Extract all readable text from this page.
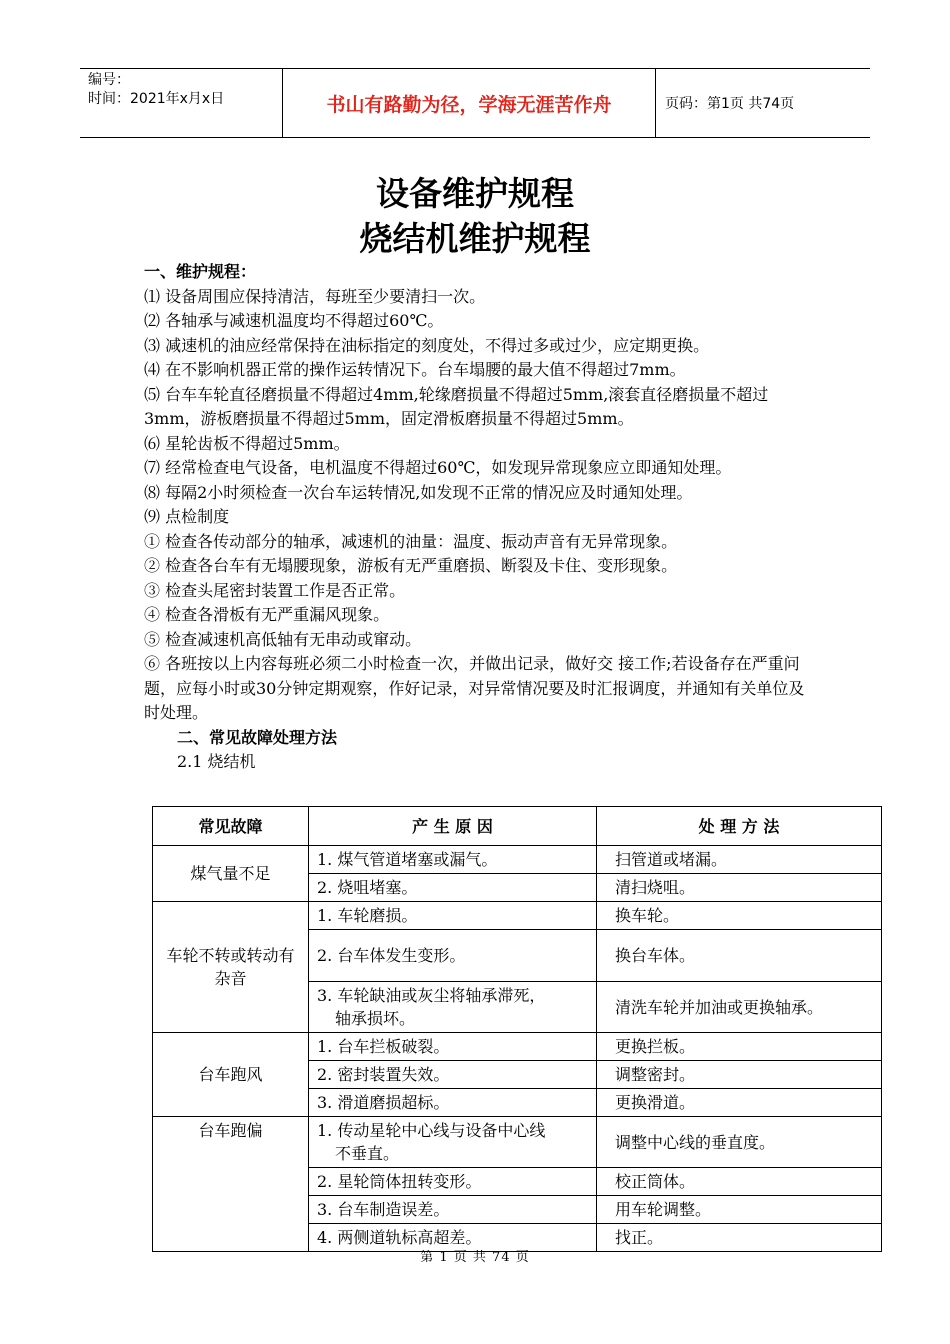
编号：
时间：2021年x月x日	书山有路勤为径，学海无涯苦作舟	页码：第1页 共74页
设备维护规程
烧结机维护规程

一、维护规程：

⑴ 设备周围应保持清洁，每班至少要清扫一次。

⑵ 各轴承与减速机温度均不得超过60℃。

⑶ 减速机的油应经常保持在油标指定的刻度处，不得过多或过少，应定期更换。

⑷ 在不影响机器正常的操作运转情况下。台车塌腰的最大值不得超过7mm。

⑸ 台车车轮直径磨损量不得超过4mm,轮缘磨损量不得超过5mm,滚套直径磨损量不超过3mm，游板磨损量不得超过5mm，固定滑板磨损量不得超过5mm。

⑹ 星轮齿板不得超过5mm。

⑺ 经常检查电气设备，电机温度不得超过60℃，如发现异常现象应立即通知处理。

⑻ 每隔2小时须检查一次台车运转情况,如发现不正常的情况应及时通知处理。

⑼ 点检制度

① 检查各传动部分的轴承，减速机的油量：温度、振动声音有无异常现象。

② 检查各台车有无塌腰现象，游板有无严重磨损、断裂及卡住、变形现象。

③ 检查头尾密封装置工作是否正常。

④ 检查各滑板有无严重漏风现象。

⑤ 检查减速机高低轴有无串动或窜动。

⑥ 各班按以上内容每班必须二小时检查一次，并做出记录，做好交 接工作;若设备存在严重问题，应每小时或30分钟定期观察，作好记录，对异常情况要及时汇报调度，并通知有关单位及时处理。

二、常见故障处理方法

2.1 烧结机

常见故障	产 生 原 因	处 理 方 法
煤气量不足	1. 煤气管道堵塞或漏气。	扫管道或堵漏。
	2. 烧咀堵塞。	清扫烧咀。
车轮不转或转动有
杂音	1. 车轮磨损。	换车轮。
	2. 台车体发生变形。	换台车体。
	3. 车轮缺油或灰尘将轴承滞死，
轴承损坏。	清洗车轮并加油或更换轴承。
台车跑风	1. 台车拦板破裂。	更换拦板。
	2. 密封装置失效。	调整密封。
	3. 滑道磨损超标。	更换滑道。
台车跑偏	1. 传动星轮中心线与设备中心线
不垂直。	调整中心线的垂直度。
	2. 星轮筒体扭转变形。	校正筒体。
	3. 台车制造误差。	用车轮调整。
	4. 两侧道轨标高超差。	找正。
第 1 页 共 74 页
